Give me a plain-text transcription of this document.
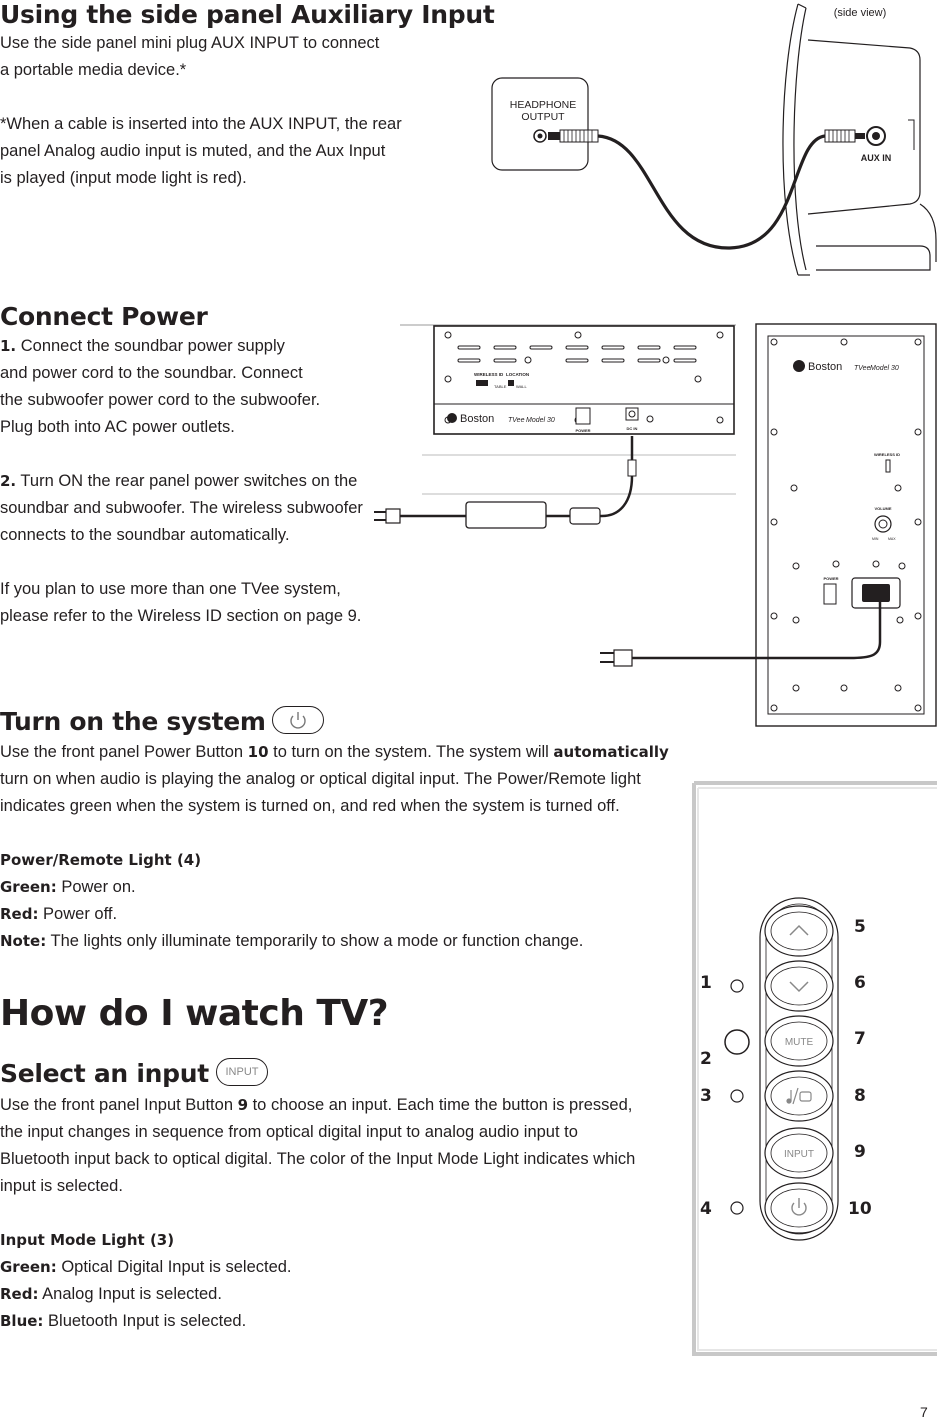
Using the side panel Auxiliary Input
Use the side panel mini plug AUX INPUT to connect
a portable media device.*
*When a cable is inserted into the AUX INPUT, the rear
panel Analog audio input is muted, and the Aux Input
is played (input mode light is red).
HEADPHONE
OUTPUT
AUX IN
(side view)
Connect Power
1. Connect the soundbar power supply
and power cord to the soundbar. Connect
the subwoofer power cord to the subwoofer.
Plug both into AC power outlets.
2. Turn ON the rear panel power switches on the
soundbar and subwoofer. The wireless subwoofer
connects to the soundbar automatically.
If you plan to use more than one TVee system,
please refer to the Wireless ID section on page 9.
WIRELESS ID LOCATION
TABLE WALL
Boston TVee Model 30
POWER	DC IN
Boston TVee Model 30
WIRELESS ID
VOLUME
MIN	MAX
POWER
Turn on the system
Use the front panel Power Button 10 to turn on the system. The system will automatically
turn on when audio is playing the analog or optical digital input. The Power/Remote light
indicates green when the system is turned on, and red when the system is turned off.
Power/Remote Light (4)
Green: Power on.
Red: Power off.
Note: The lights only illuminate temporarily to show a mode or function change.
How do I watch TV?
Select an input	INPUT
Use the front panel Input Button 9 to choose an input. Each time the button is pressed,
the input changes in sequence from optical digital input to analog audio input to
Bluetooth input back to optical digital. The color of the Input Mode Light indicates which
input is selected.
Input Mode Light (3)
Green: Optical Digital Input is selected.
Red: Analog Input is selected.
Blue: Bluetooth Input is selected.
MUTE
INPUT
1
2
3
4
5
6
7
8
9
10
7
